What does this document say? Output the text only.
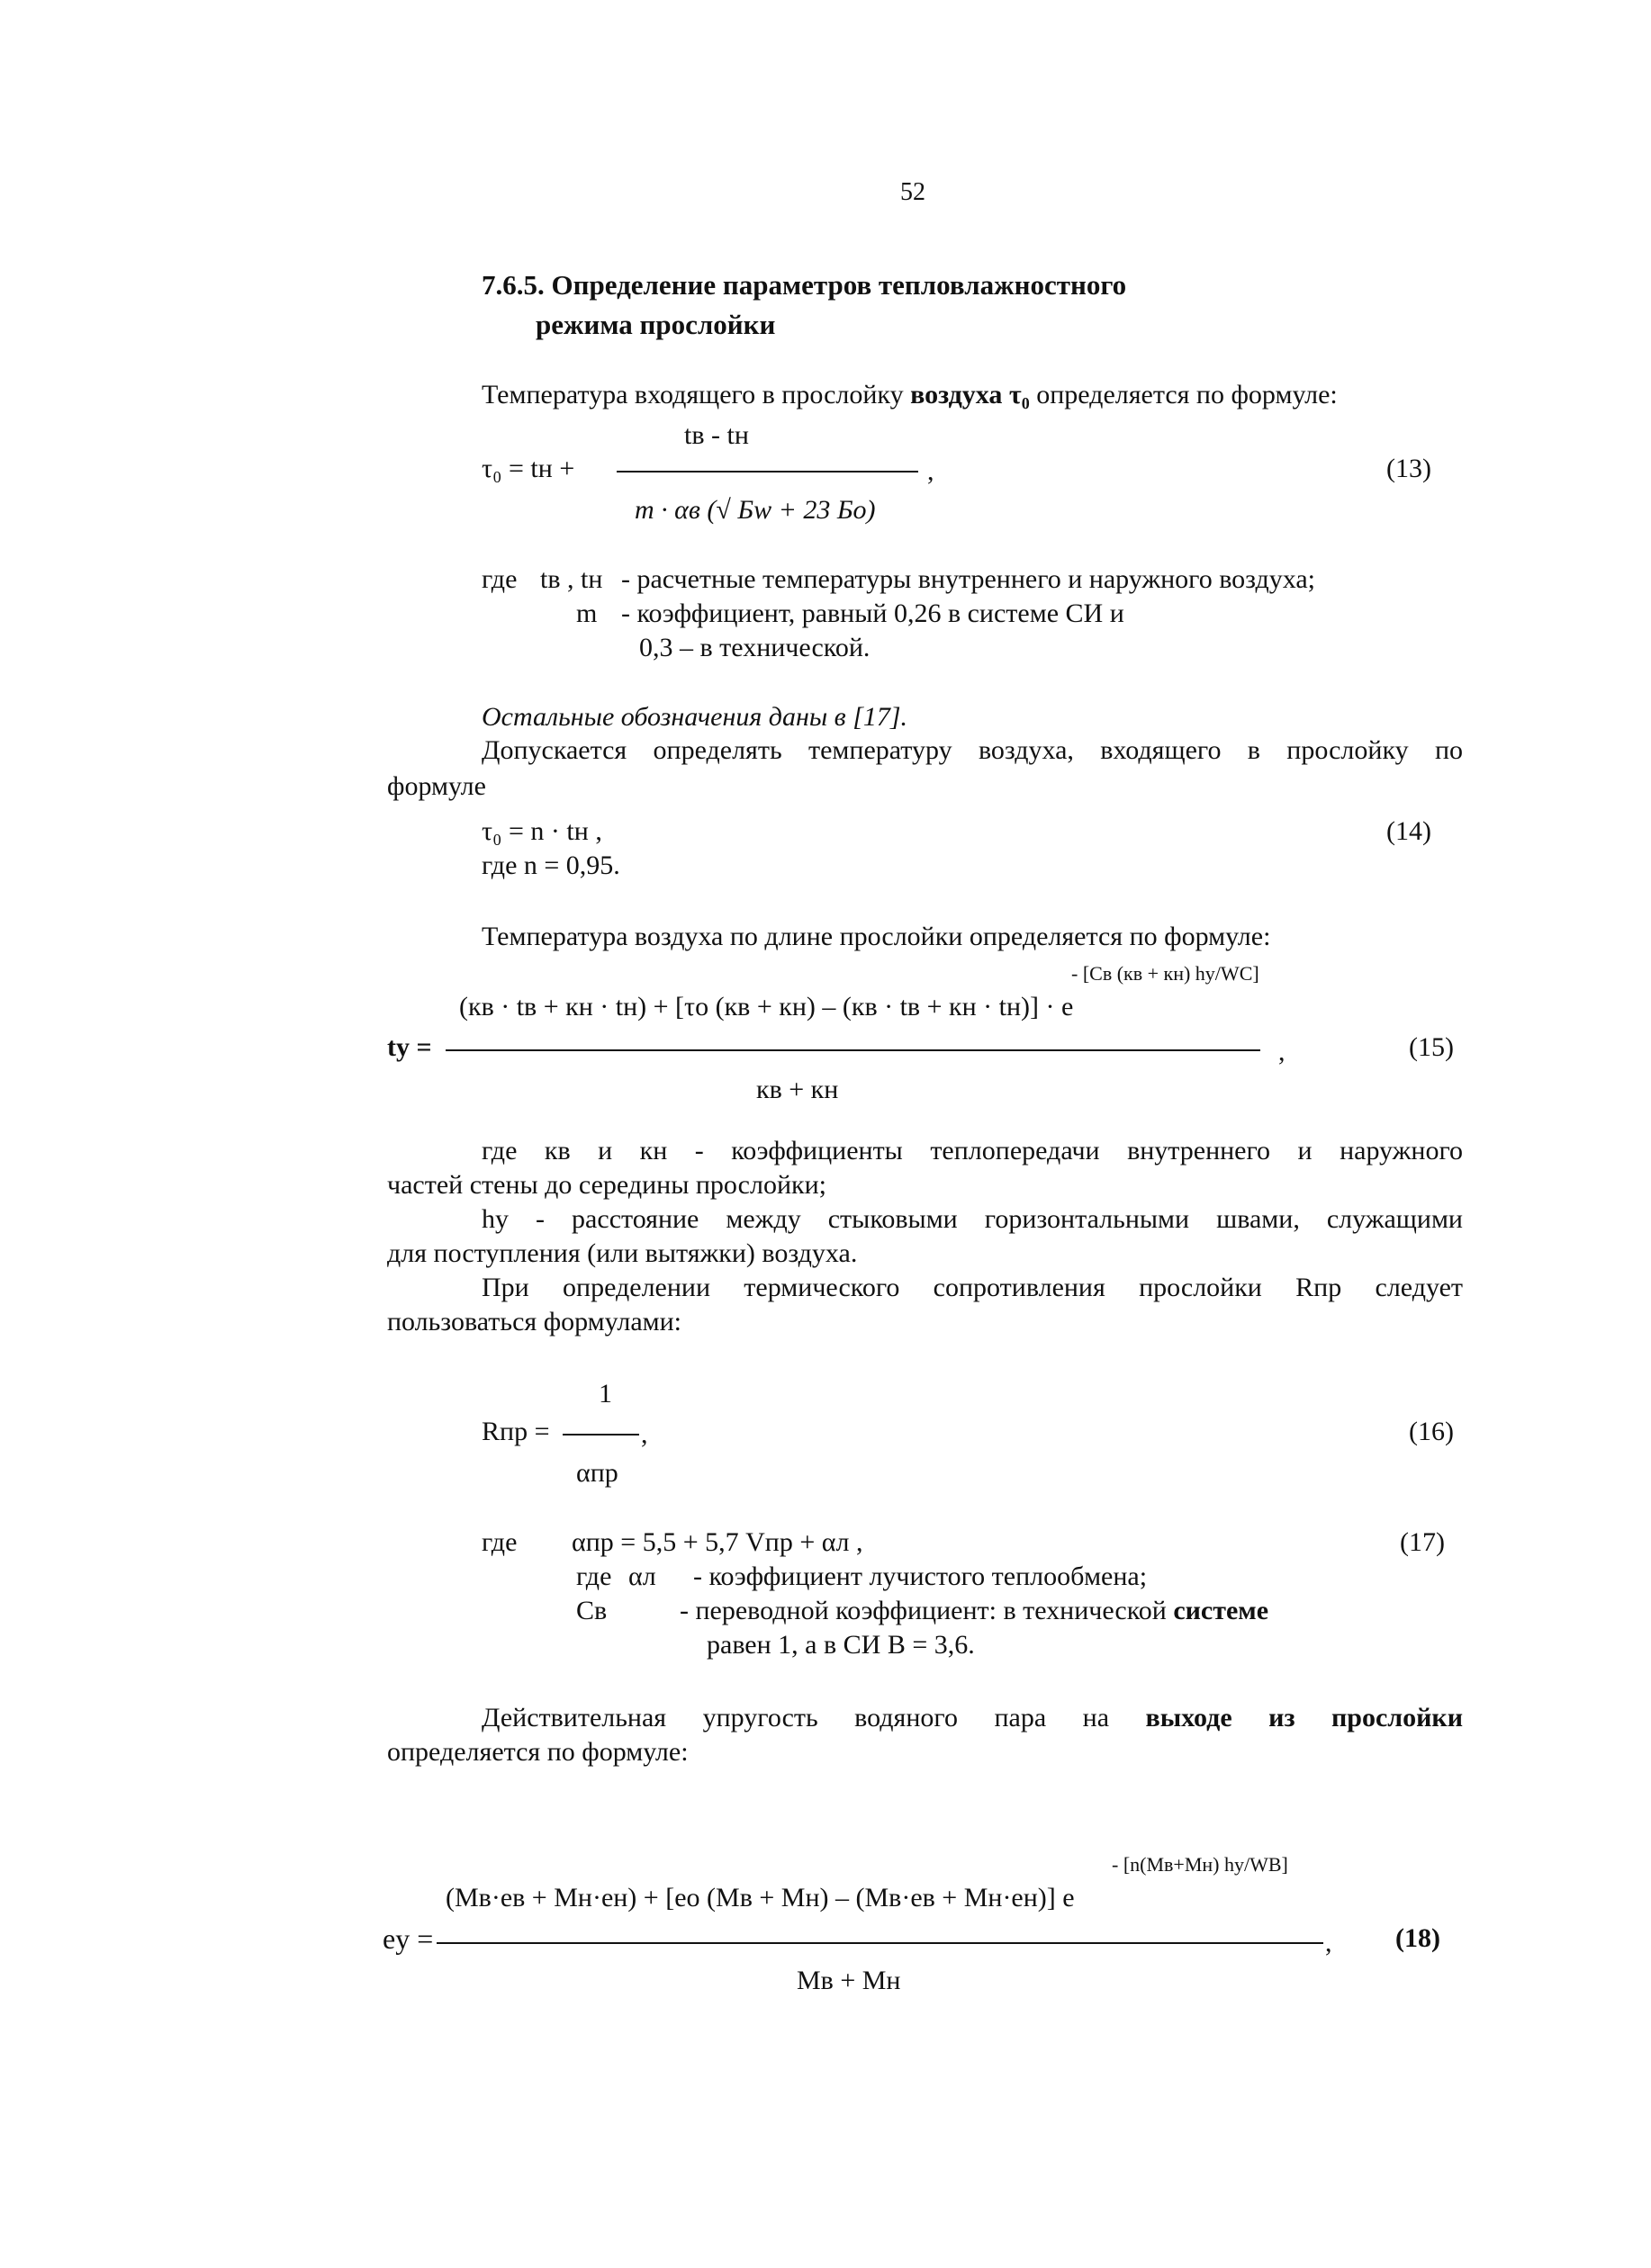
52
7.6.5. Определение параметров тепловлажностного
режима прослойки
Температура входящего в прослойку воздуха τ₀ определяется по формуле:
tв - tн
τ₀ = tн +	,	(13)
m · αв (√ Бw + 23 Бo)
где tв , tн - расчетные температуры внутреннего и наружного воздуха;
m - коэффициент, равный 0,26 в системе СИ и
0,3 – в технической.
Остальные обозначения даны в [17].
Допускается определять температуру воздуха, входящего в прослойку по
формуле
τ₀ = n · tн ,	(14)
где n = 0,95.
Температура воздуха по длине прослойки определяется по формуле:
- [Cв (кв + кн) hy/WC]
(кв · tв + кн · tн) + [τo (кв + кн) – (кв · tв + кн · tн)] · e
ty =	,	(15)
кв + кн
где кв и кн - коэффициенты теплопередачи внутреннего и наружного
частей стены до середины прослойки;
hy - расстояние между стыковыми горизонтальными швами, служащими
для поступления (или вытяжки) воздуха.
При определении термического сопротивления прослойки Rпр следует
пользоваться формулами:
1
Rпр =	,	(16)
αпр
где αпр = 5,5 + 5,7 Vпр + αл ,	(17)
где αл - коэффициент лучистого теплообмена;
Св	- переводной коэффициент: в технической системе
равен 1, а в СИ В = 3,6.
Действительная упругость водяного пара на выходе из прослойки
определяется по формуле:
- [n(Mв+Mн) hy/WB]
(Mв·eв + Mн·eн) + [eo (Mв + Mн) – (Mв·eв + Mн·eн)] e
ey =	, (18)
Mв + Mн
